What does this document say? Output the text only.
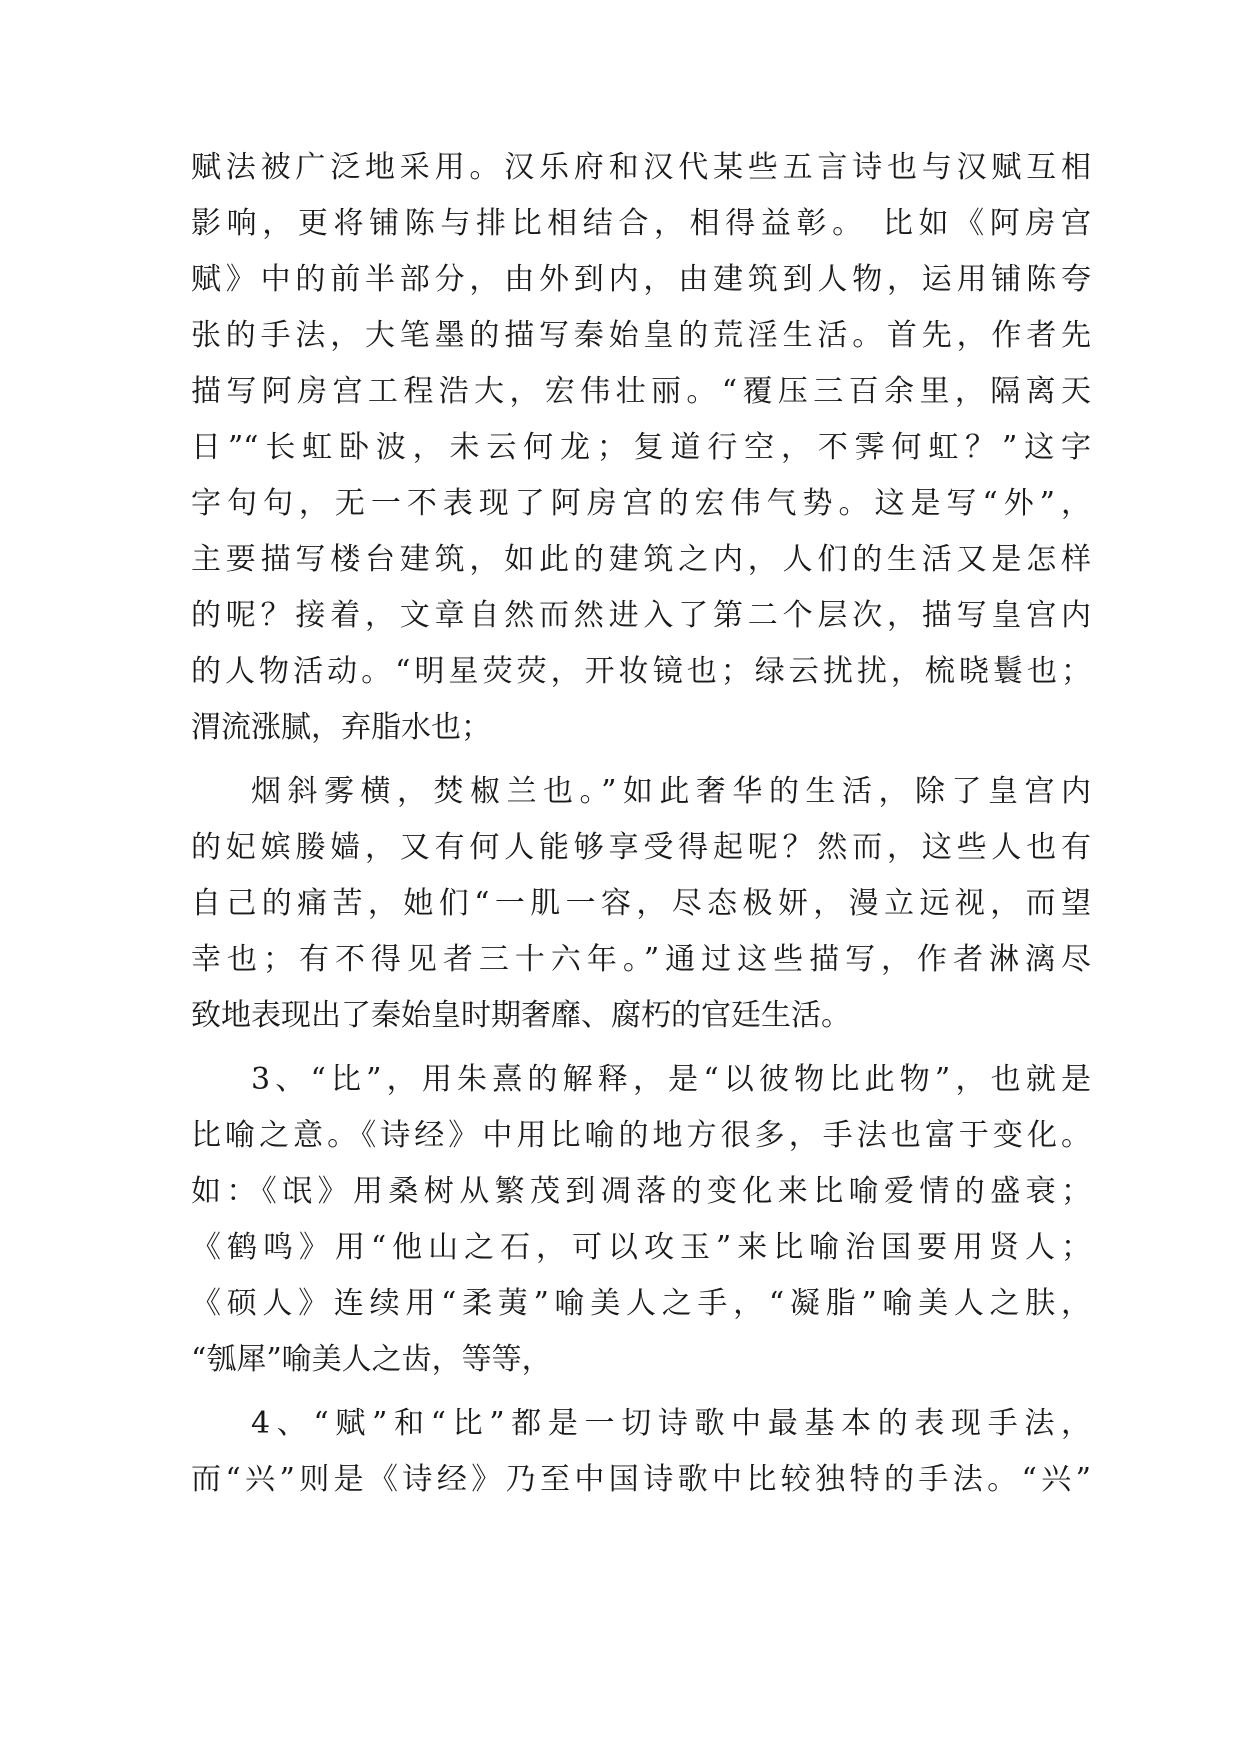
赋法被广泛地采用。汉乐府和汉代某些五言诗也与汉赋互相
影响，更将铺陈与排比相结合，相得益彰。 比如《阿房宫
赋》中的前半部分，由外到内，由建筑到人物，运用铺陈夸
张的手法，大笔墨的描写秦始皇的荒淫生活。首先，作者先
描写阿房宫工程浩大，宏伟壮丽。“覆压三百余里，隔离天
日”“长虹卧波，未云何龙；复道行空，不霁何虹？”这字
字句句，无一不表现了阿房宫的宏伟气势。这是写“外”，
主要描写楼台建筑，如此的建筑之内，人们的生活又是怎样
的呢？接着，文章自然而然进入了第二个层次，描写皇宫内
的人物活动。“明星荧荧，开妆镜也；绿云扰扰，梳晓鬟也；
渭流涨腻，弃脂水也；
烟斜雾横，焚椒兰也。”如此奢华的生活，除了皇宫内
的妃嫔媵嫱，又有何人能够享受得起呢？然而，这些人也有
自己的痛苦，她们“一肌一容，尽态极妍，漫立远视，而望
幸也；有不得见者三十六年。”通过这些描写，作者淋漓尽
致地表现出了秦始皇时期奢靡、腐朽的官廷生活。
3、“比”，用朱熹的解释，是“以彼物比此物”，也就是
比喻之意。《诗经》中用比喻的地方很多，手法也富于变化。
如：《氓》用桑树从繁茂到凋落的变化来比喻爱情的盛衰；
《鹤鸣》用“他山之石，可以攻玉”来比喻治国要用贤人；
《硕人》连续用“柔荑”喻美人之手，“凝脂”喻美人之肤，
“瓠犀”喻美人之齿，等等，
4、“赋”和“比”都是一切诗歌中最基本的表现手法，
而“兴”则是《诗经》乃至中国诗歌中比较独特的手法。“兴”
